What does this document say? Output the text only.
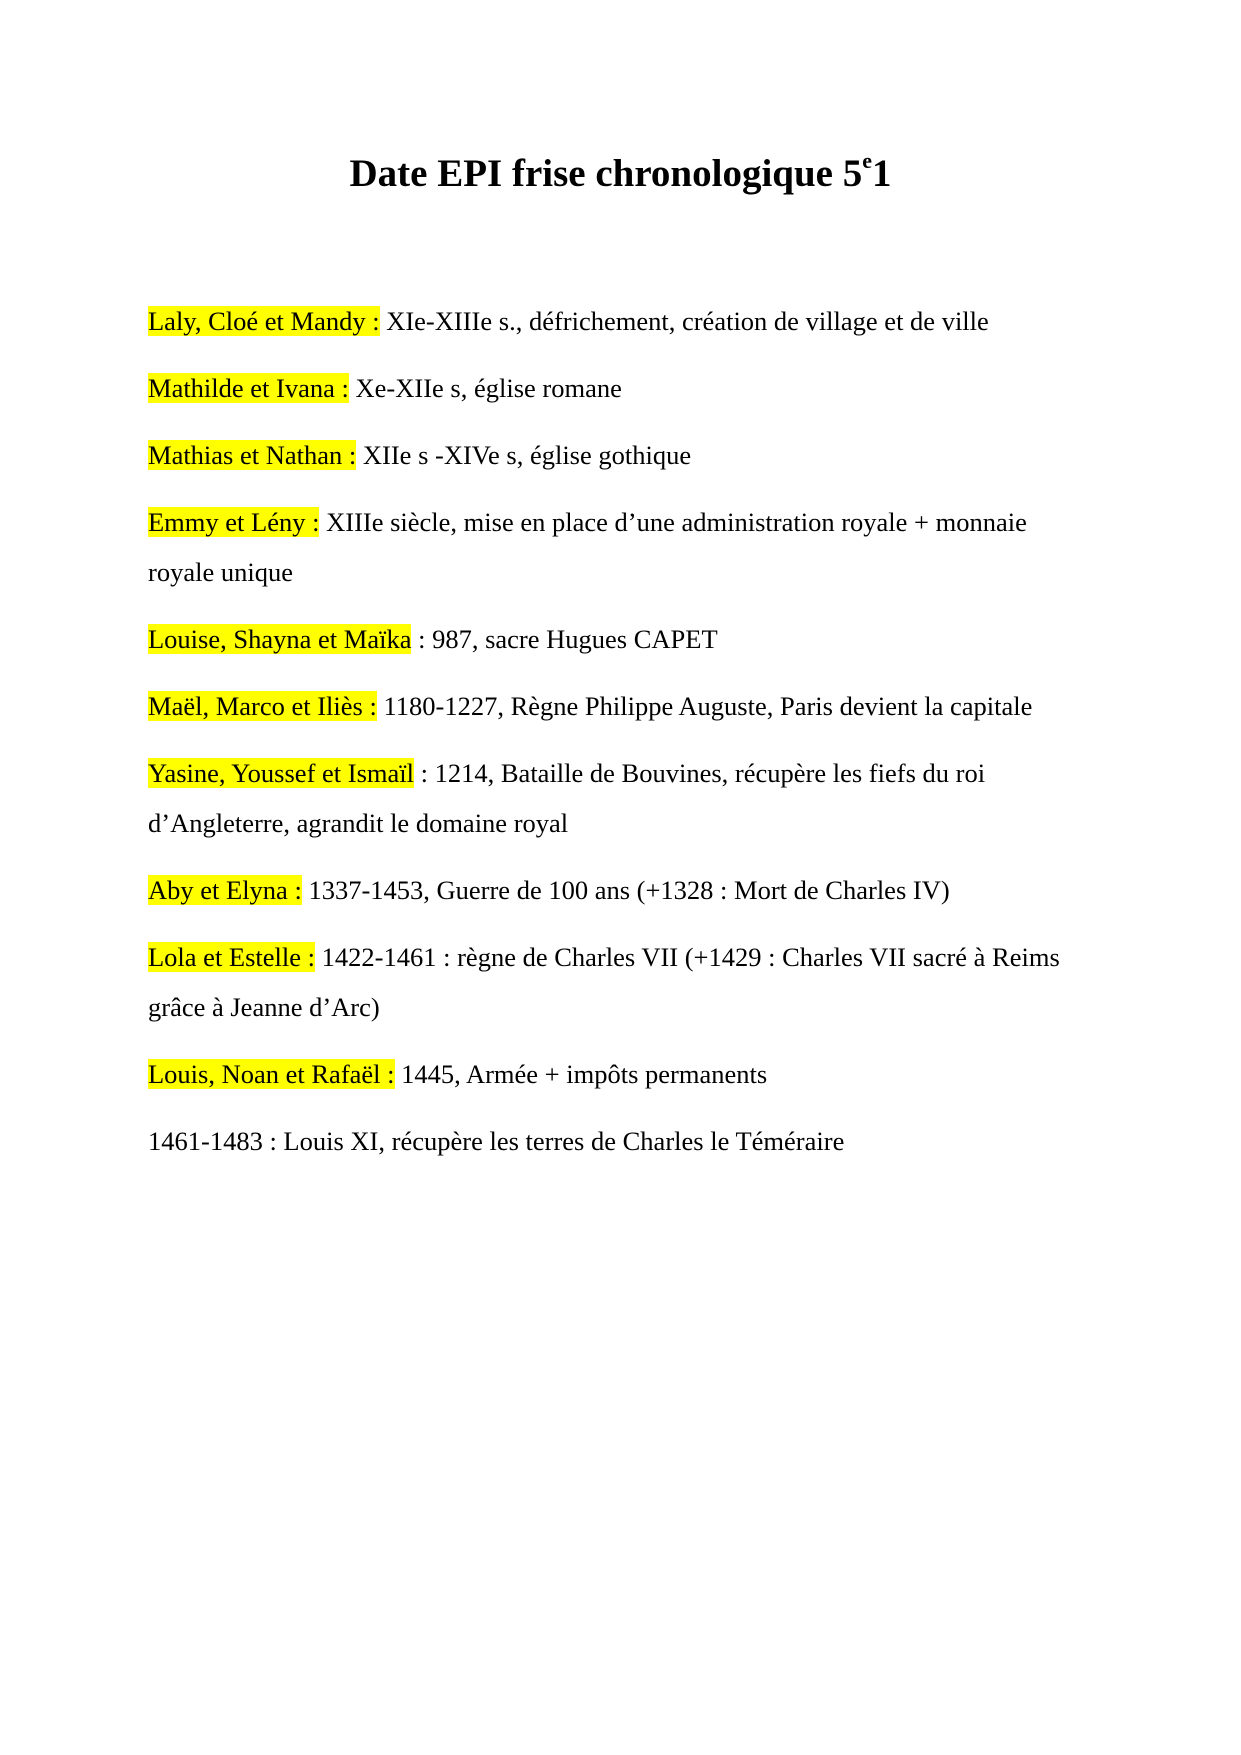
Date EPI frise chronologique 5e1
Laly, Cloé et Mandy : XIe-XIIIe s., défrichement, création de village et de ville
Mathilde et Ivana : Xe-XIIe s, église romane
Mathias et Nathan : XIIe s -XIVe s, église gothique
Emmy et Lény : XIIIe siècle, mise en place d’une administration royale + monnaie royale unique
Louise, Shayna et Maïka : 987, sacre Hugues CAPET
Maël, Marco et Iliès : 1180-1227, Règne Philippe Auguste, Paris devient la capitale
Yasine, Youssef et Ismaïl : 1214, Bataille de Bouvines, récupère les fiefs du roi d’Angleterre, agrandit le domaine royal
Aby et Elyna : 1337-1453, Guerre de 100 ans (+1328 : Mort de Charles IV)
Lola et Estelle : 1422-1461 : règne de Charles VII (+1429 : Charles VII sacré à Reims grâce à Jeanne d’Arc)
Louis, Noan et Rafaël : 1445, Armée + impôts permanents
1461-1483 : Louis XI, récupère les terres de Charles le Téméraire
